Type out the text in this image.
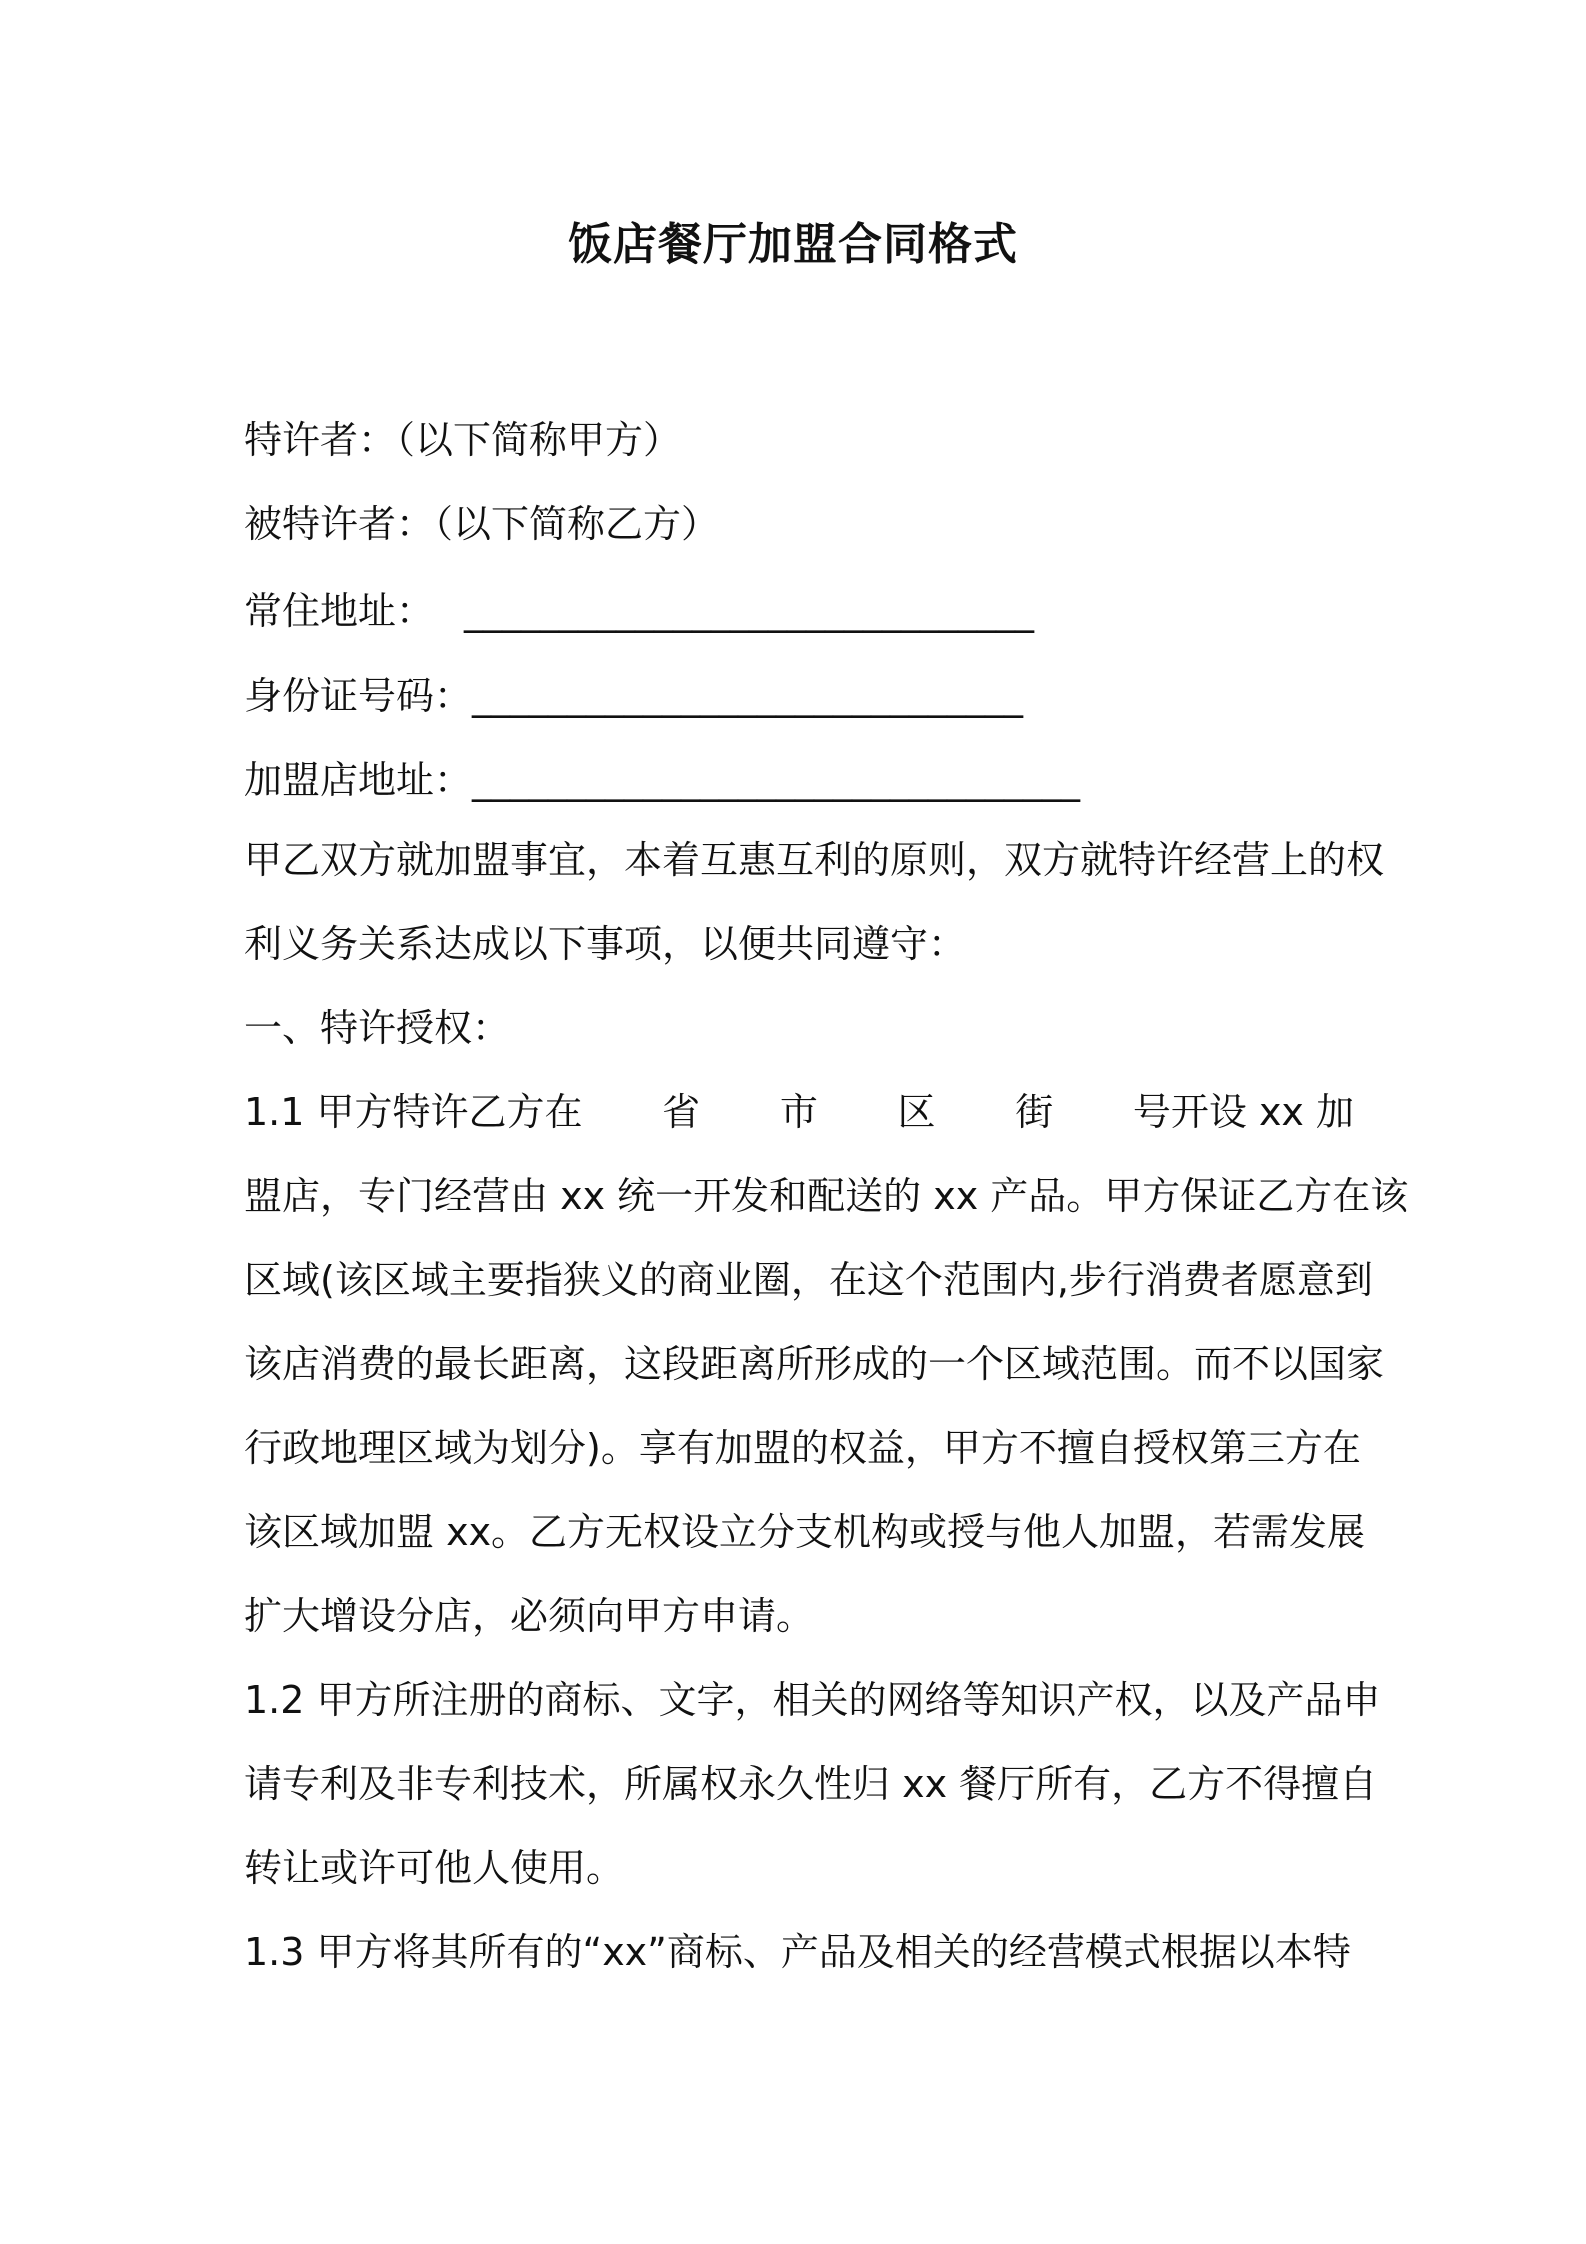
饭店餐厅加盟合同格式
特许者：（以下简称甲方）
被特许者：（以下简称乙方）
常住地址： ______________________________
身份证号码：_____________________________
加盟店地址：________________________________
甲乙双方就加盟事宜，本着互惠互利的原则，双方就特许经营上的权
利义务关系达成以下事项，以便共同遵守：
一、特许授权：
1.1 甲方特许乙方在 省 市 区 街 号开设 xx 加
盟店，专门经营由 xx 统一开发和配送的 xx 产品。甲方保证乙方在该
区域(该区域主要指狭义的商业圈，在这个范围内,步行消费者愿意到
该店消费的最长距离，这段距离所形成的一个区域范围。而不以国家
行政地理区域为划分)。享有加盟的权益，甲方不擅自授权第三方在
该区域加盟 xx。乙方无权设立分支机构或授与他人加盟，若需发展
扩大增设分店，必须向甲方申请。
1.2 甲方所注册的商标、文字，相关的网络等知识产权，以及产品申
请专利及非专利技术，所属权永久性归 xx 餐厅所有，乙方不得擅自
转让或许可他人使用。
1.3 甲方将其所有的“xx”商标、产品及相关的经营模式根据以本特
